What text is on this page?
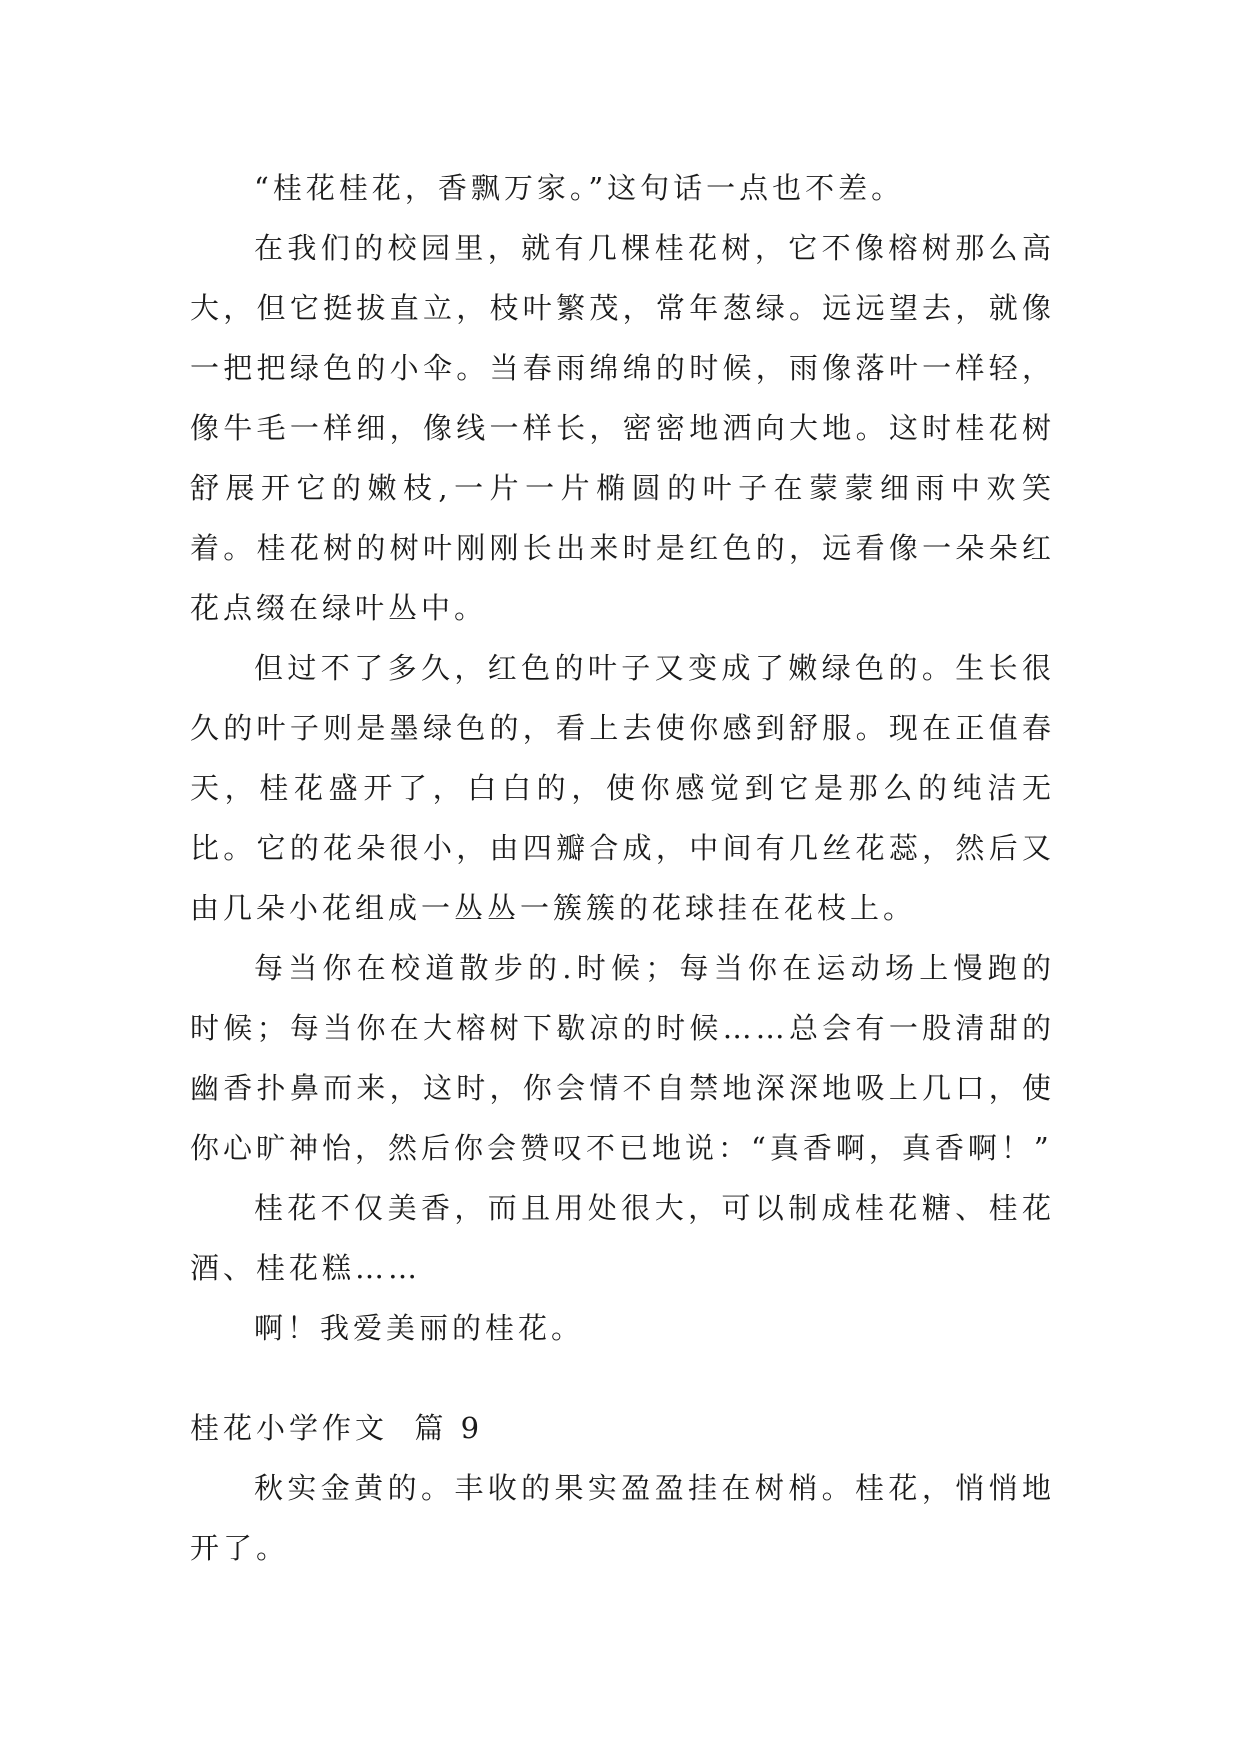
“桂花桂花，香飘万家。”这句话一点也不差。

在我们的校园里，就有几棵桂花树，它不像榕树那么高大，但它挺拔直立，枝叶繁茂，常年葱绿。远远望去，就像一把把绿色的小伞。当春雨绵绵的时候，雨像落叶一样轻，像牛毛一样细，像线一样长，密密地洒向大地。这时桂花树舒展开它的嫩枝,一片一片椭圆的叶子在蒙蒙细雨中欢笑着。桂花树的树叶刚刚长出来时是红色的，远看像一朵朵红花点缀在绿叶丛中。

但过不了多久，红色的叶子又变成了嫩绿色的。生长很久的叶子则是墨绿色的，看上去使你感到舒服。现在正值春天，桂花盛开了，白白的，使你感觉到它是那么的纯洁无比。它的花朵很小，由四瓣合成，中间有几丝花蕊，然后又由几朵小花组成一丛丛一簇簇的花球挂在花枝上。

每当你在校道散步的.时候；每当你在运动场上慢跑的时候；每当你在大榕树下歇凉的时候……总会有一股清甜的幽香扑鼻而来，这时，你会情不自禁地深深地吸上几口，使你心旷神怡，然后你会赞叹不已地说：“真香啊，真香啊！”

桂花不仅美香，而且用处很大，可以制成桂花糖、桂花酒、桂花糕……

啊！我爱美丽的桂花。

桂花小学作文  篇 9

秋实金黄的。丰收的果实盈盈挂在树梢。桂花，悄悄地开了。
